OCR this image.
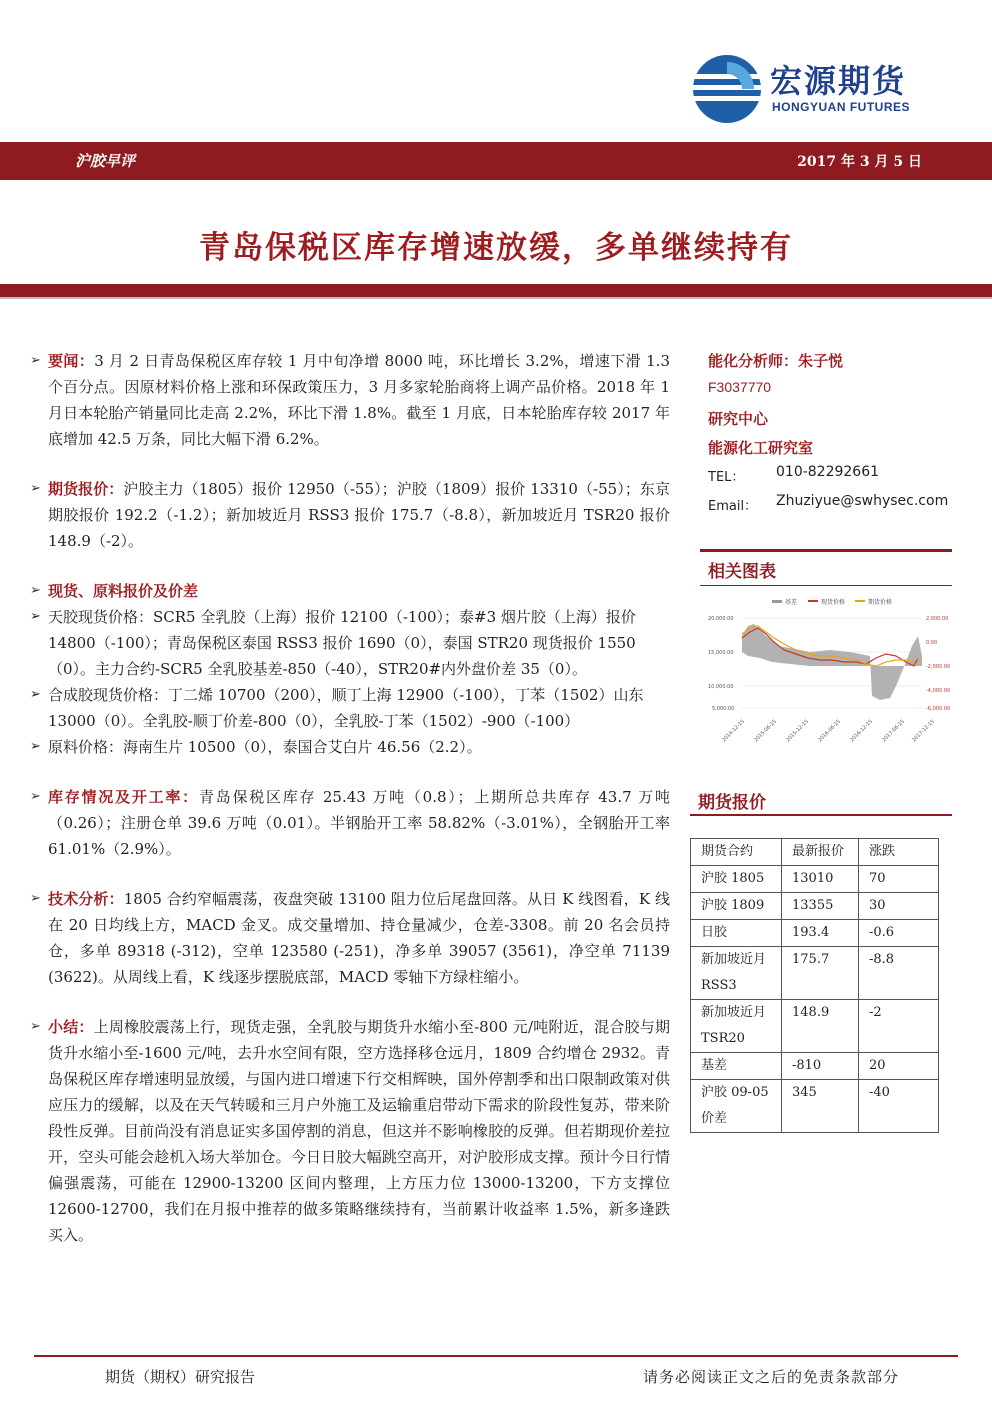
宏源期货
HONGYUAN FUTURES
沪胶早评	2017 年 3 月 5 日
青岛保税区库存增速放缓，多单继续持有
➢ 要闻：3 月 2 日青岛保税区库存较 1 月中旬净增 8000 吨，环比增长 3.2%，增速下滑 1.3 个百分点。因原材料价格上涨和环保政策压力，3 月多家轮胎商将上调产品价格。2018 年 1 月日本轮胎产销量同比走高 2.2%，环比下滑 1.8%。截至 1 月底，日本轮胎库存较 2017 年底增加 42.5 万条，同比大幅下滑 6.2%。

➢ 期货报价：沪胶主力（1805）报价 12950（-55）；沪胶（1809）报价 13310（-55）；东京期胶报价 192.2（-1.2）；新加坡近月 RSS3 报价 175.7（-8.8），新加坡近月 TSR20 报价 148.9（-2）。

➢ 现货、原料报价及价差

➢ 天胶现货价格：SCR5 全乳胶（上海）报价 12100（-100）；泰#3 烟片胶（上海）报价 14800（-100）；青岛保税区泰国 RSS3 报价 1690（0），泰国 STR20 现货报价 1550（0）。主力合约-SCR5 全乳胶基差-850（-40），STR20#内外盘价差 35（0）。
➢ 合成胶现货价格：丁二烯 10700（200），顺丁上海 12900（-100），丁苯（1502）山东 13000（0）。全乳胶-顺丁价差-800（0），全乳胶-丁苯（1502）-900（-100）
➢ 原料价格：海南生片 10500（0），泰国合艾白片 46.56（2.2）。
➢ 库存情况及开工率：青岛保税区库存 25.43 万吨（0.8）；上期所总共库存 43.7 万吨（0.26）；注册仓单 39.6 万吨（0.01）。半钢胎开工率 58.82%（-3.01%），全钢胎开工率 61.01%（2.9%）。

➢ 技术分析：1805 合约窄幅震荡，夜盘突破 13100 阻力位后尾盘回落。从日 K 线图看，K 线在 20 日均线上方，MACD 金叉。成交量增加、持仓量减少，仓差-3308。前 20 名会员持仓，多单 89318 (-312)，空单 123580 (-251)，净多单 39057 (3561)，净空单 71139 (3622)。从周线上看，K 线逐步摆脱底部，MACD 零轴下方绿柱缩小。

➢ 小结：上周橡胶震荡上行，现货走强，全乳胶与期货升水缩小至-800 元/吨附近，混合胶与期货升水缩小至-1600 元/吨，去升水空间有限，空方选择移仓远月，1809 合约增仓 2932。青岛保税区库存增速明显放缓，与国内进口增速下行交相辉映，国外停割季和出口限制政策对供应压力的缓解，以及在天气转暖和三月户外施工及运输重启带动下需求的阶段性复苏，带来阶段性反弹。目前尚没有消息证实多国停割的消息，但这并不影响橡胶的反弹。但若期现价差拉开，空头可能会趁机入场大举加仓。今日日胶大幅跳空高开，对沪胶形成支撑。预计今日行情偏强震荡，可能在 12900-13200 区间内整理，上方压力位 13000-13200，下方支撑位 12600-12700，我们在月报中推荐的做多策略继续持有，当前累计收益率 1.5%，新多逢跌买入。

能化分析师：朱子悦
F3037770
研究中心
能源化工研究室
TEL： 010-82292661
Email： Zhuziyue@swhysec.com
相关图表
基差	现货价格	期货价格
20,000.00
15,000.00
10,000.00
5,000.00
2,000.00
0.00
-2,000.00
-4,000.00
-6,000.00
2014-12-15 2015-06-15 2015-12-15 2016-06-15 2016-12-15 2017-06-15 2017-12-15
期货报价
期货合约	最新报价	涨跌
沪胶 1805	13010	70
沪胶 1809	13355	30
日胶	193.4	-0.6
新加坡近月 RSS3	175.7	-8.8
新加坡近月 TSR20	148.9	-2
基差	-810	20
沪胶 09-05 价差	345	-40
期货（期权）研究报告	请务必阅读正文之后的免责条款部分
